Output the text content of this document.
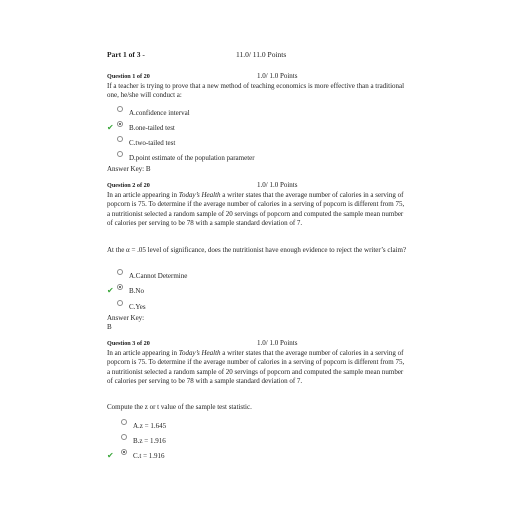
Part 1 of 3 -	11.0/ 11.0 Points
Question 1 of 20	1.0/ 1.0 Points
If a teacher is trying to prove that a new method of teaching economics is more effective than a traditional one, he/she will conduct a:
A.confidence interval
✔ B.one-tailed test
C.two-tailed test
D.point estimate of the population parameter
Answer Key: B
Question 2 of 20	1.0/ 1.0 Points
In an article appearing in Today’s Health a writer states that the average number of calories in a serving of popcorn is 75. To determine if the average number of calories in a serving of popcorn is different from 75, a nutritionist selected a random sample of 20 servings of popcorn and computed the sample mean number of calories per serving to be 78 with a sample standard deviation of 7.
At the α = .05 level of significance, does the nutritionist have enough evidence to reject the writer’s claim?
A.Cannot Determine
✔ B.No
C.Yes
Answer Key:
B
Question 3 of 20	1.0/ 1.0 Points
In an article appearing in Today’s Health a writer states that the average number of calories in a serving of popcorn is 75. To determine if the average number of calories in a serving of popcorn is different from 75, a nutritionist selected a random sample of 20 servings of popcorn and computed the sample mean number of calories per serving to be 78 with a sample standard deviation of 7.
Compute the z or t value of the sample test statistic.
A.z = 1.645
B.z = 1.916
✔	C.t = 1.916
